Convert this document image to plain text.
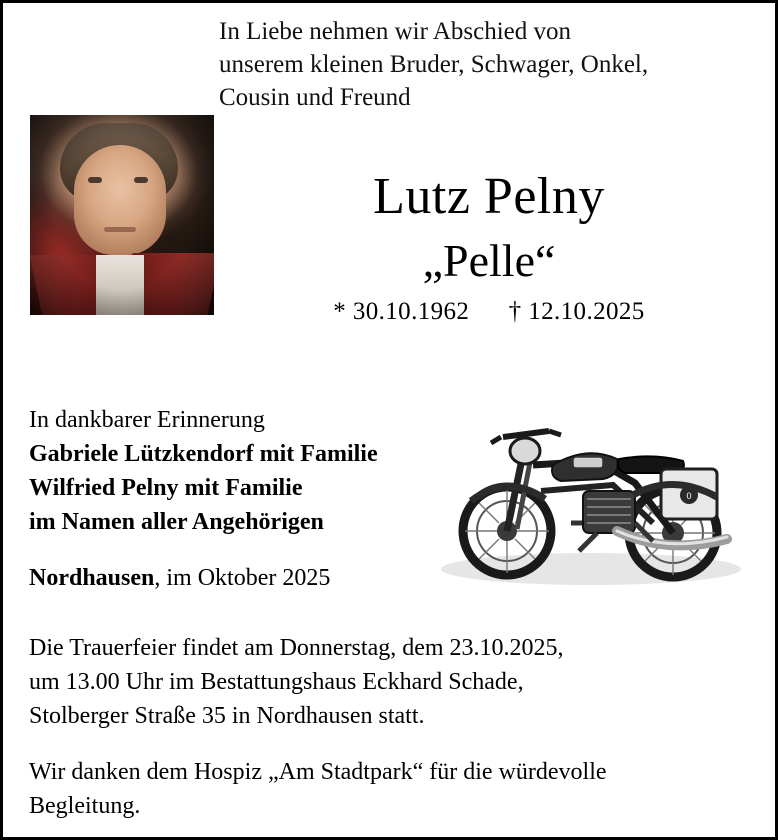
In Liebe nehmen wir Abschied von
unserem kleinen Bruder, Schwager, Onkel,
Cousin und Freund
Lutz Pelny
„Pelle“
* 30.10.1962 † 12.10.2025
0
In dankbarer Erinnerung
Gabriele Lützkendorf mit Familie
Wilfried Pelny mit Familie
im Namen aller Angehörigen
Nordhausen, im Oktober 2025
Die Trauerfeier findet am Donnerstag, dem 23.10.2025,
um 13.00 Uhr im Bestattungshaus Eckhard Schade,
Stolberger Straße 35 in Nordhausen statt.
Wir danken dem Hospiz „Am Stadtpark“ für die würdevolle
Begleitung.
